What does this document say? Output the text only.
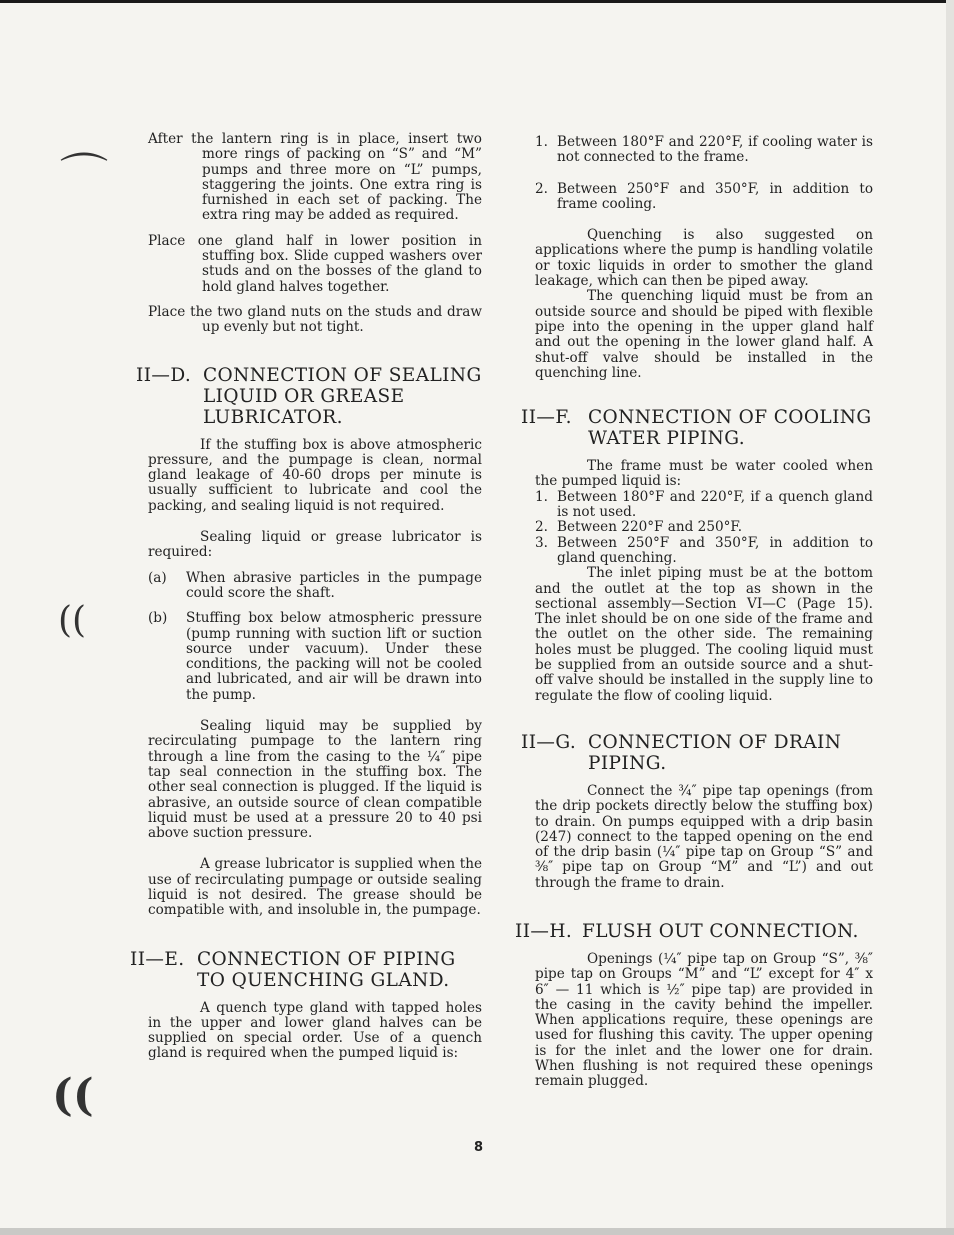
⌒
((
((

After the lantern ring is in place, insert two more rings of packing on “S” and “M” pumps and three more on “L” pumps, staggering the joints. One extra ring is furnished in each set of packing. The extra ring may be added as required.

Place one gland half in lower position in stuffing box. Slide cupped washers over studs and on the bosses of the gland to hold gland halves together.

Place the two gland nuts on the studs and draw up evenly but not tight.

II—D. CONNECTION OF SEALING LIQUID OR GREASE LUBRICATOR.

If the stuffing box is above atmospheric pressure, and the pumpage is clean, normal gland leakage of 40-60 drops per minute is usually sufficient to lubricate and cool the packing, and sealing liquid is not required.

Sealing liquid or grease lubricator is required:

(a)	When abrasive particles in the pumpage could score the shaft.
(b)	Stuffing box below atmospheric pressure (pump running with suction lift or suction source under vacuum). Under these conditions, the packing will not be cooled and lubricated, and air will be drawn into the pump.

Sealing liquid may be supplied by recirculating pumpage to the lantern ring through a line from the casing to the ¼″ pipe tap seal connection in the stuffing box. The other seal connection is plugged. If the liquid is abrasive, an outside source of clean compatible liquid must be used at a pressure 20 to 40 psi above suction pressure.

A grease lubricator is supplied when the use of recirculating pumpage or outside sealing liquid is not desired. The grease should be compatible with, and insoluble in, the pumpage.

II—E. CONNECTION OF PIPING TO QUENCHING GLAND.

A quench type gland with tapped holes in the upper and lower gland halves can be supplied on special order. Use of a quench gland is required when the pumped liquid is:

1. Between 180°F and 220°F, if cooling water is not connected to the frame.
2. Between 250°F and 350°F, in addition to frame cooling.

Quenching is also suggested on applications where the pump is handling volatile or toxic liquids in order to smother the gland leakage, which can then be piped away.

The quenching liquid must be from an outside source and should be piped with flexible pipe into the opening in the upper gland half and out the opening in the lower gland half. A shut-off valve should be installed in the quenching line.

II—F. CONNECTION OF COOLING WATER PIPING.

The frame must be water cooled when the pumped liquid is:

1. Between 180°F and 220°F, if a quench gland is not used.
2. Between 220°F and 250°F.
3. Between 250°F and 350°F, in addition to gland quenching.

The inlet piping must be at the bottom and the outlet at the top as shown in the sectional assembly—Section VI—C (Page 15). The inlet should be on one side of the frame and the outlet on the other side. The remaining holes must be plugged. The cooling liquid must be supplied from an outside source and a shut-off valve should be installed in the supply line to regulate the flow of cooling liquid.

II—G. CONNECTION OF DRAIN PIPING.

Connect the ¾″ pipe tap openings (from the drip pockets directly below the stuffing box) to drain. On pumps equipped with a drip basin (247) connect to the tapped opening on the end of the drip basin (¼″ pipe tap on Group “S” and ⅜″ pipe tap on Group “M” and “L”) and out through the frame to drain.

II—H. FLUSH OUT CONNECTION.

Openings (¼″ pipe tap on Group “S”, ⅜″ pipe tap on Groups “M” and “L” except for 4″ x 6″ — 11 which is ½″ pipe tap) are provided in the casing in the cavity behind the impeller. When applications require, these openings are used for flushing this cavity. The upper opening is for the inlet and the lower one for drain. When flushing is not required these openings remain plugged.

8
